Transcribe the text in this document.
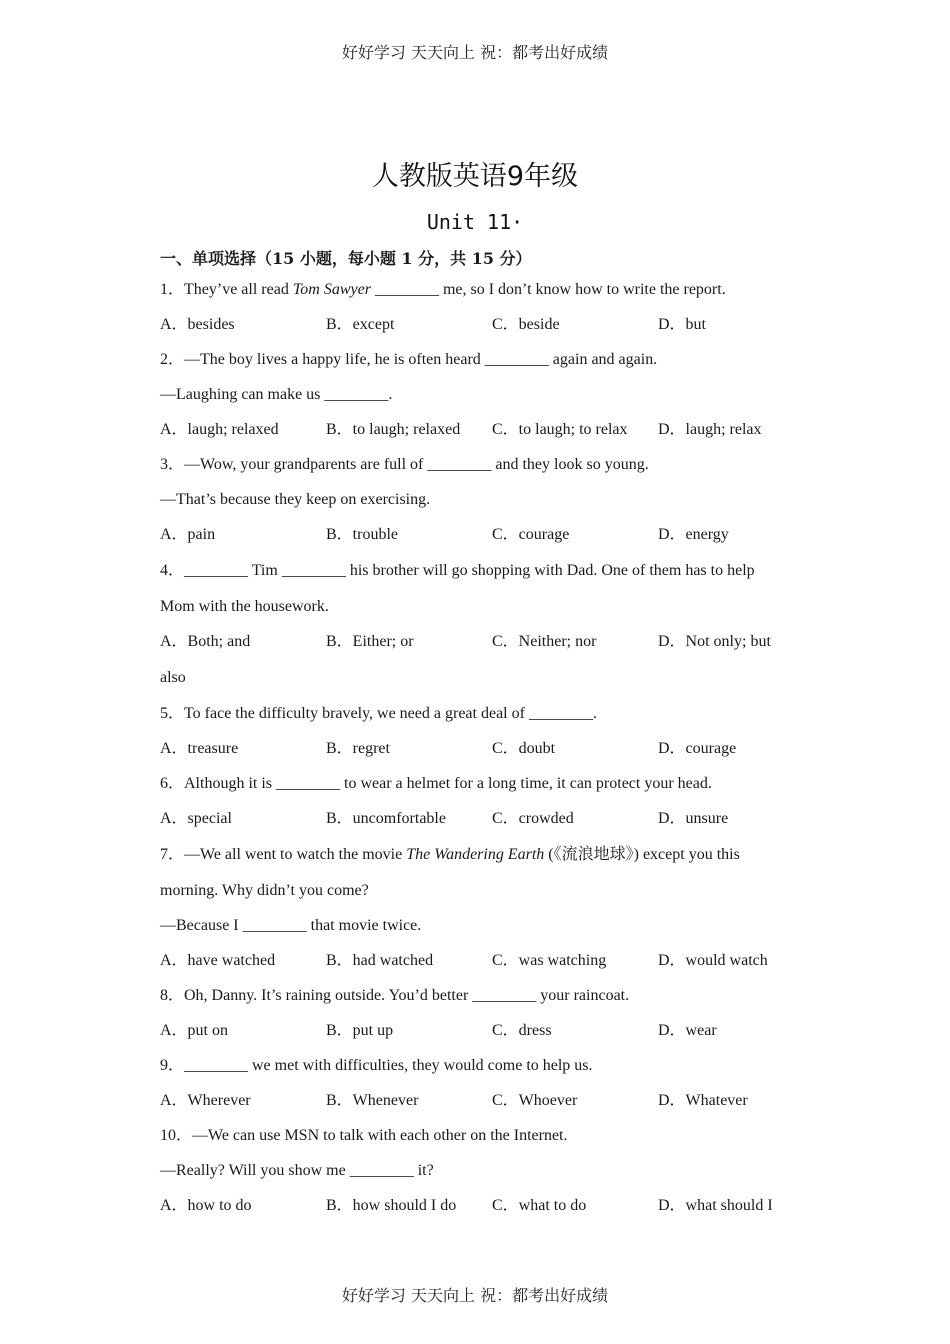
好好学习 天天向上 祝：都考出好成绩
人教版英语9年级
Unit 11·
一、单项选择（15 小题，每小题 1 分，共 15 分）
1．They’ve all read Tom Sawyer ________ me, so I don’t know how to write the report.
A．besides	B．except	C．beside	D．but
2．—The boy lives a happy life, he is often heard ________ again and again.
—Laughing can make us ________.
A．laugh; relaxed	B．to laugh; relaxed	C．to laugh; to relax	D．laugh; relax
3．—Wow, your grandparents are full of ________ and they look so young.
—That’s because they keep on exercising.
A．pain	B．trouble	C．courage	D．energy
4．________ Tim ________ his brother will go shopping with Dad. One of them has to help
Mom with the housework.
A．Both; and	B．Either; or	C．Neither; nor	D．Not only; but
also
5．To face the difficulty bravely, we need a great deal of ________.
A．treasure	B．regret	C．doubt	D．courage
6．Although it is ________ to wear a helmet for a long time, it can protect your head.
A．special	B．uncomfortable	C．crowded	D．unsure
7．—We all went to watch the movie The Wandering Earth (《流浪地球》) except you this
morning. Why didn’t you come?
—Because I ________ that movie twice.
A．have watched	B．had watched	C．was watching	D．would watch
8．Oh, Danny. It’s raining outside. You’d better ________ your raincoat.
A．put on	B．put up	C．dress	D．wear
9．________ we met with difficulties, they would come to help us.
A．Wherever	B．Whenever	C．Whoever	D．Whatever
10．—We can use MSN to talk with each other on the Internet.
—Really? Will you show me ________ it?
A．how to do	B．how should I do	C．what to do	D．what should I
好好学习 天天向上 祝：都考出好成绩
